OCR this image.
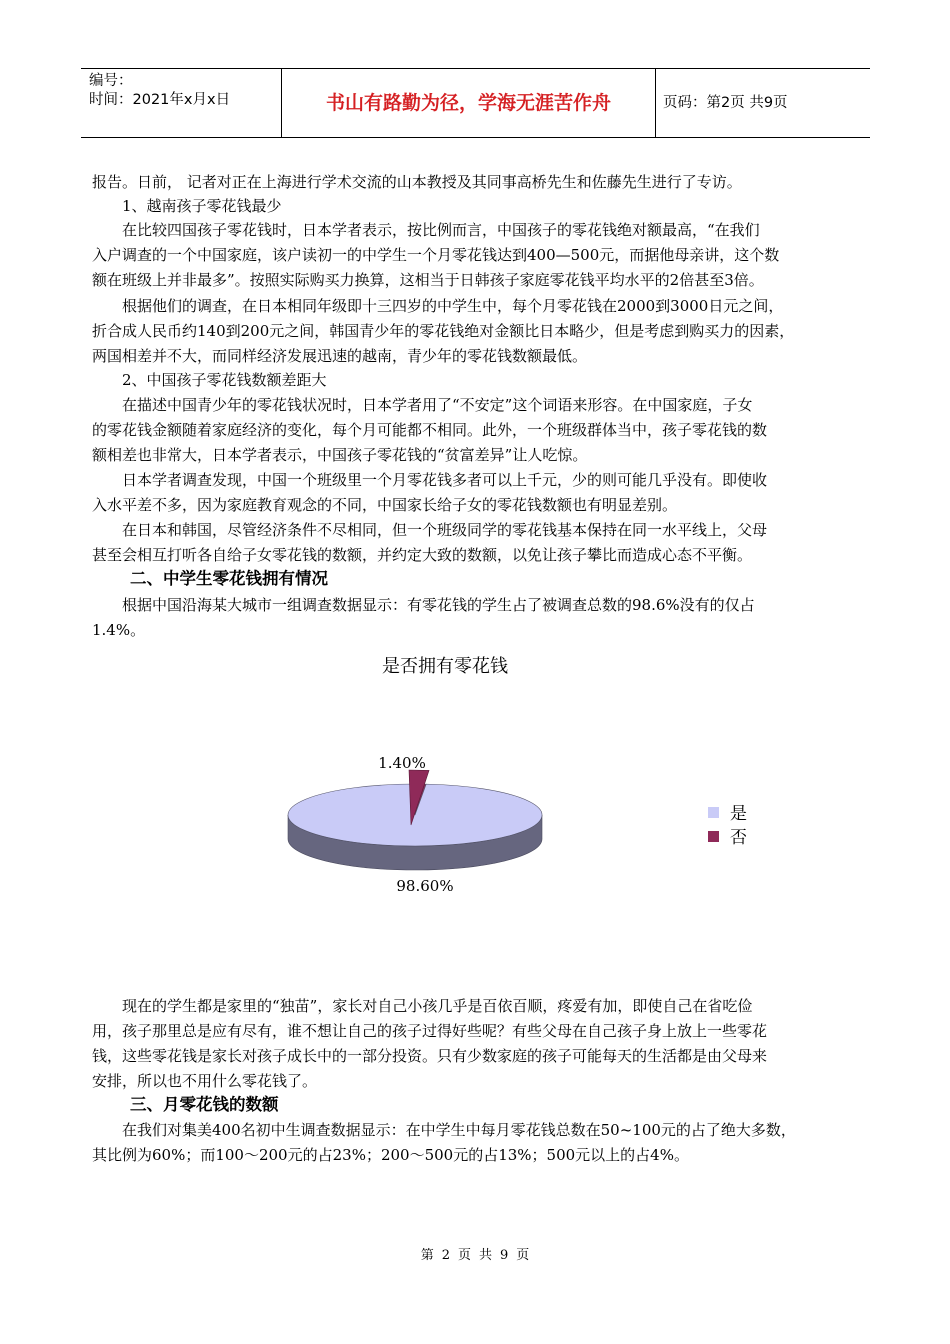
编号：
时间：2021年x月x日	书山有路勤为径，学海无涯苦作舟	页码：第2页 共9页
报告。日前， 记者对正在上海进行学术交流的山本教授及其同事高桥先生和佐藤先生进行了专访。
1、越南孩子零花钱最少
在比较四国孩子零花钱时，日本学者表示，按比例而言，中国孩子的零花钱绝对额最高，“在我们
入户调查的一个中国家庭，该户读初一的中学生一个月零花钱达到400—500元，而据他母亲讲，这个数
额在班级上并非最多”。按照实际购买力换算，这相当于日韩孩子家庭零花钱平均水平的2倍甚至3倍。
根据他们的调查，在日本相同年级即十三四岁的中学生中，每个月零花钱在2000到3000日元之间，
折合成人民币约140到200元之间，韩国青少年的零花钱绝对金额比日本略少，但是考虑到购买力的因素，
两国相差并不大，而同样经济发展迅速的越南，青少年的零花钱数额最低。
2、中国孩子零花钱数额差距大
在描述中国青少年的零花钱状况时，日本学者用了“不安定”这个词语来形容。在中国家庭，子女
的零花钱金额随着家庭经济的变化，每个月可能都不相同。此外，一个班级群体当中，孩子零花钱的数
额相差也非常大，日本学者表示，中国孩子零花钱的“贫富差异”让人吃惊。
日本学者调查发现，中国一个班级里一个月零花钱多者可以上千元，少的则可能几乎没有。即使收
入水平差不多，因为家庭教育观念的不同，中国家长给子女的零花钱数额也有明显差别。
在日本和韩国，尽管经济条件不尽相同，但一个班级同学的零花钱基本保持在同一水平线上，父母
甚至会相互打听各自给子女零花钱的数额，并约定大致的数额，以免让孩子攀比而造成心态不平衡。
二、中学生零花钱拥有情况
根据中国沿海某大城市一组调查数据显示：有零花钱的学生占了被调查总数的98.6%没有的仅占
1.4%。
是否拥有零花钱
1.40%
98.60%
是
否
现在的学生都是家里的“独苗”，家长对自己小孩几乎是百依百顺，疼爱有加，即使自己在省吃俭
用，孩子那里总是应有尽有，谁不想让自己的孩子过得好些呢？有些父母在自己孩子身上放上一些零花
钱，这些零花钱是家长对孩子成长中的一部分投资。只有少数家庭的孩子可能每天的生活都是由父母来
安排，所以也不用什么零花钱了。
三、月零花钱的数额
在我们对集美400名初中生调查数据显示：在中学生中每月零花钱总数在50~100元的占了绝大多数，
其比例为60%；而100～200元的占23%；200～500元的占13%；500元以上的占4%。
第 2 页 共 9 页
